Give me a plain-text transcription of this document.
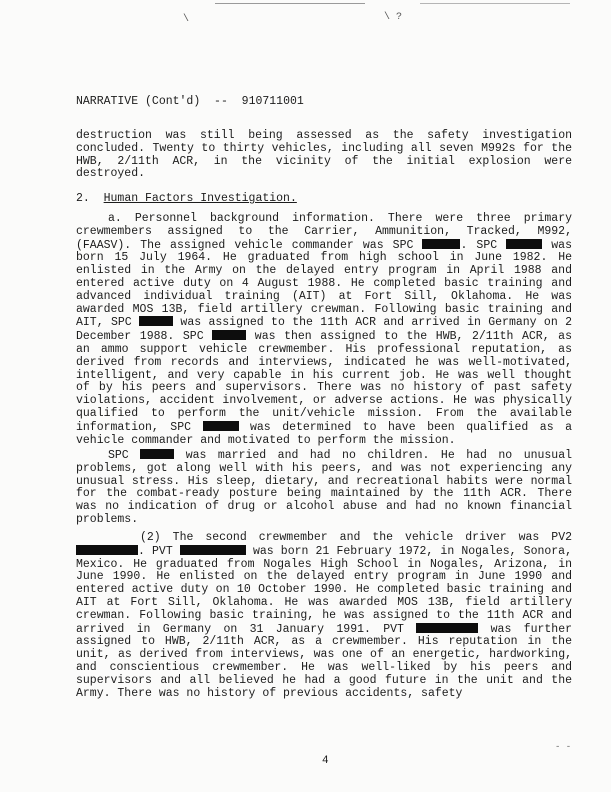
\	\ ?
NARRATIVE (Cont'd) -- 910711001

destruction was still being assessed as the safety investigation concluded. Twenty to thirty vehicles, including all seven M992s for the HWB, 2/11th ACR, in the vicinity of the initial explosion were destroyed.

2. Human Factors Investigation.

a. Personnel background information. There were three primary crewmembers assigned to the Carrier, Ammunition, Tracked, M992, (FAASV). The assigned vehicle commander was SPC	. SPC	was born 15 July 1964. He graduated from high school in June 1982. He enlisted in the Army on the delayed entry program in April 1988 and entered active duty on 4 August 1988. He completed basic training and advanced individual training (AIT) at Fort Sill, Oklahoma. He was awarded MOS 13B, field artillery crewman. Following basic training and AIT, SPC	was assigned to the 11th ACR and arrived in Germany on 2 December 1988. SPC	was then assigned to the HWB, 2/11th ACR, as an ammo support vehicle crewmember. His professional reputation, as derived from records and interviews, indicated he was well-motivated, intelligent, and very capable in his current job. He was well thought of by his peers and supervisors. There was no history of past safety violations, accident involvement, or adverse actions. He was physically qualified to perform the unit/vehicle mission. From the available information, SPC	was determined to have been qualified as a vehicle commander and motivated to perform the mission.

SPC	was married and had no children. He had no unusual problems, got along well with his peers, and was not experiencing any unusual stress. His sleep, dietary, and recreational habits were normal for the combat-ready posture being maintained by the 11th ACR. There was no indication of drug or alcohol abuse and had no known financial problems.

(2) The second crewmember and the vehicle driver was PV2 . PVT	was born 21 February 1972, in Nogales, Sonora, Mexico. He graduated from Nogales High School in Nogales, Arizona, in June 1990. He enlisted on the delayed entry program in June 1990 and entered active duty on 10 October 1990. He completed basic training and AIT at Fort Sill, Oklahoma. He was awarded MOS 13B, field artillery crewman. Following basic training, he was assigned to the 11th ACR and arrived in Germany on 31 January 1991. PVT	was further assigned to HWB, 2/11th ACR, as a crewmember. His reputation in the unit, as derived from interviews, was one of an energetic, hardworking, and conscientious crewmember. He was well-liked by his peers and supervisors and all believed he had a good future in the unit and the Army. There was no history of previous accidents, safety

- -
4
